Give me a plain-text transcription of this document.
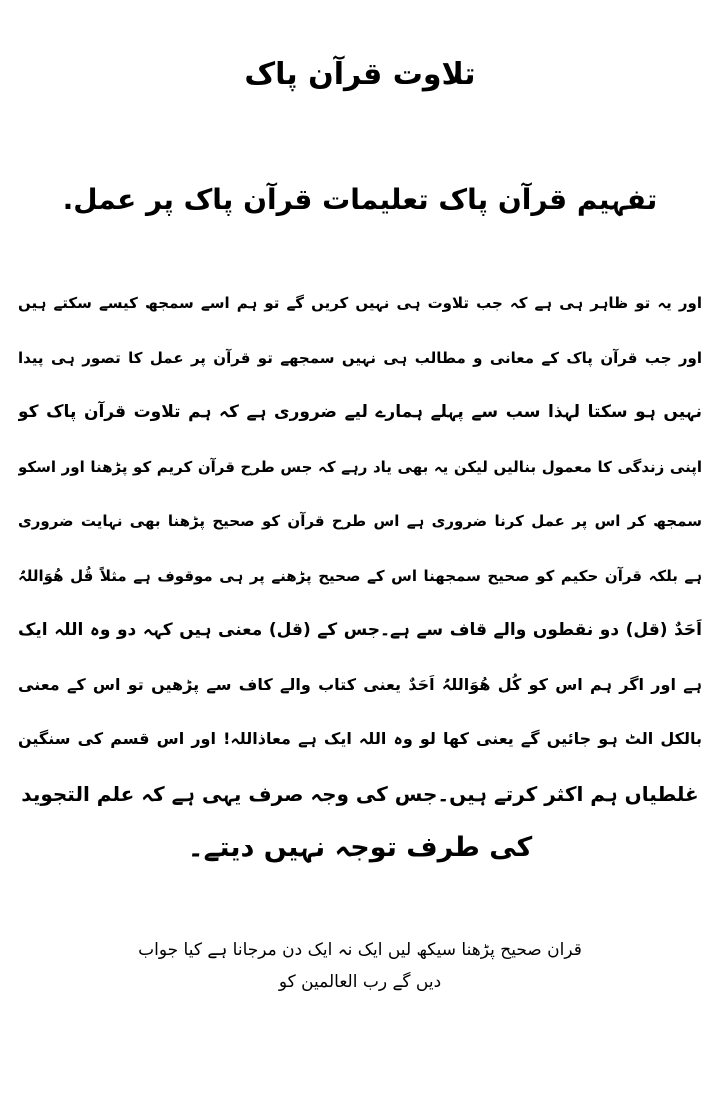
تلاوت قرآن پاک
تفہیم قرآن پاک تعلیمات قرآن پاک پر عمل.
اور یہ تو ظاہر ہی ہے کہ جب تلاوت ہی نہیں کریں گے تو ہم اسے سمجھ کیسے سکتے ہیں
اور جب قرآن پاک کے معانی و مطالب ہی نہیں سمجھے تو قرآن پر عمل کا تصور ہی پیدا
نہیں ہو سکتا لہذا سب سے پہلے ہمارے لیے ضروری ہے کہ ہم تلاوت قرآن پاک کو
اپنی زندگی کا معمول بنالیں لیکن یہ بھی یاد رہے کہ جس طرح قرآن کریم کو پڑھنا اور اسکو
سمجھ کر اس پر عمل کرنا ضروری ہے اس طرح قرآن کو صحیح پڑھنا بھی نہایت ضروری
ہے بلکہ قرآن حکیم کو صحیح سمجھنا اس کے صحیح پڑھنے پر ہی موقوف ہے مثلاً قُل ھُوَاللہُ
اَحَدٌ (قل) دو نقطوں والے قاف سے ہے۔جس کے (قل) معنی ہیں کہہ دو وہ اللہ ایک
ہے اور اگر ہم اس کو کُل ھُوَاللہُ اَحَدٌ یعنی کتاب والے کاف سے پڑھیں تو اس کے معنی
بالکل الٹ ہو جائیں گے یعنی کھا لو وہ اللہ ایک ہے معاذاللہ! اور اس قسم کی سنگین
غلطیاں ہم اکثر کرتے ہیں۔جس کی وجہ صرف یہی ہے کہ علم التجوید
کی طرف توجہ نہیں دیتے۔
قران صحیح پڑھنا سیکھ لیں ایک نہ ایک دن مرجانا ہے کیا جواب
دیں گے رب العالمین کو
